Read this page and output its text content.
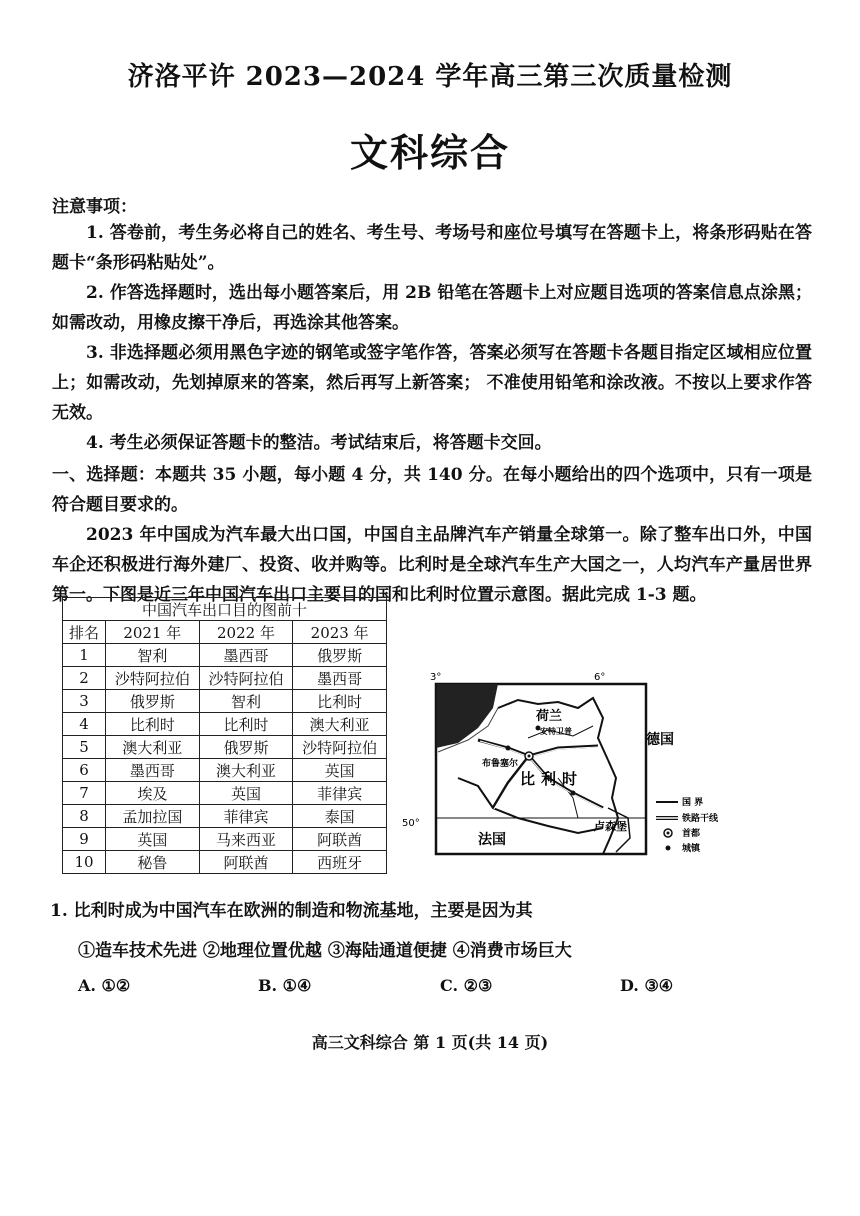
济洛平许 2023—2024 学年高三第三次质量检测
文科综合
注意事项：

1. 答卷前，考生务必将自己的姓名、考生号、考场号和座位号填写在答题卡上，将条形码贴在答题卡“条形码粘贴处”。

2. 作答选择题时，选出每小题答案后，用 2B 铅笔在答题卡上对应题目选项的答案信息点涂黑； 如需改动，用橡皮擦干净后，再选涂其他答案。

3. 非选择题必须用黑色字迹的钢笔或签字笔作答，答案必须写在答题卡各题目指定区域相应位置上；如需改动，先划掉原来的答案，然后再写上新答案； 不准使用铅笔和涂改液。不按以上要求作答无效。

4. 考生必须保证答题卡的整洁。考试结束后，将答题卡交回。

一、选择题：本题共 35 小题，每小题 4 分，共 140 分。在每小题给出的四个选项中，只有一项是符合题目要求的。

2023 年中国成为汽车最大出口国，中国自主品牌汽车产销量全球第一。除了整车出口外，中国车企还积极进行海外建厂、投资、收并购等。比利时是全球汽车生产大国之一，人均汽车产量居世界第一。下图是近三年中国汽车出口主要目的国和比利时位置示意图。据此完成 1-3 题。

中国汽车出口目的图前十			
排名	2021 年	2022 年	2023 年
1	智利	墨西哥	俄罗斯
2	沙特阿拉伯	沙特阿拉伯	墨西哥
3	俄罗斯	智利	比利时
4	比利时	比利时	澳大利亚
5	澳大利亚	俄罗斯	沙特阿拉伯
6	墨西哥	澳大利亚	英国
7	埃及	英国	菲律宾
8	孟加拉国	菲律宾	泰国
9	英国	马来西亚	阿联酋
10	秘鲁	阿联酋	西班牙
3°	6°
50°
荷兰
安特卫普
德国
布鲁塞尔
比利时
法国
卢森堡
国 界
铁路干线
首都
城镇
1. 比利时成为中国汽车在欧洲的制造和物流基地，主要是因为其
①造车技术先进 ②地理位置优越 ③海陆通道便捷 ④消费市场巨大
A. ①②	B. ①④	C. ②③	D. ③④
高三文科综合 第 1 页(共 14 页)
